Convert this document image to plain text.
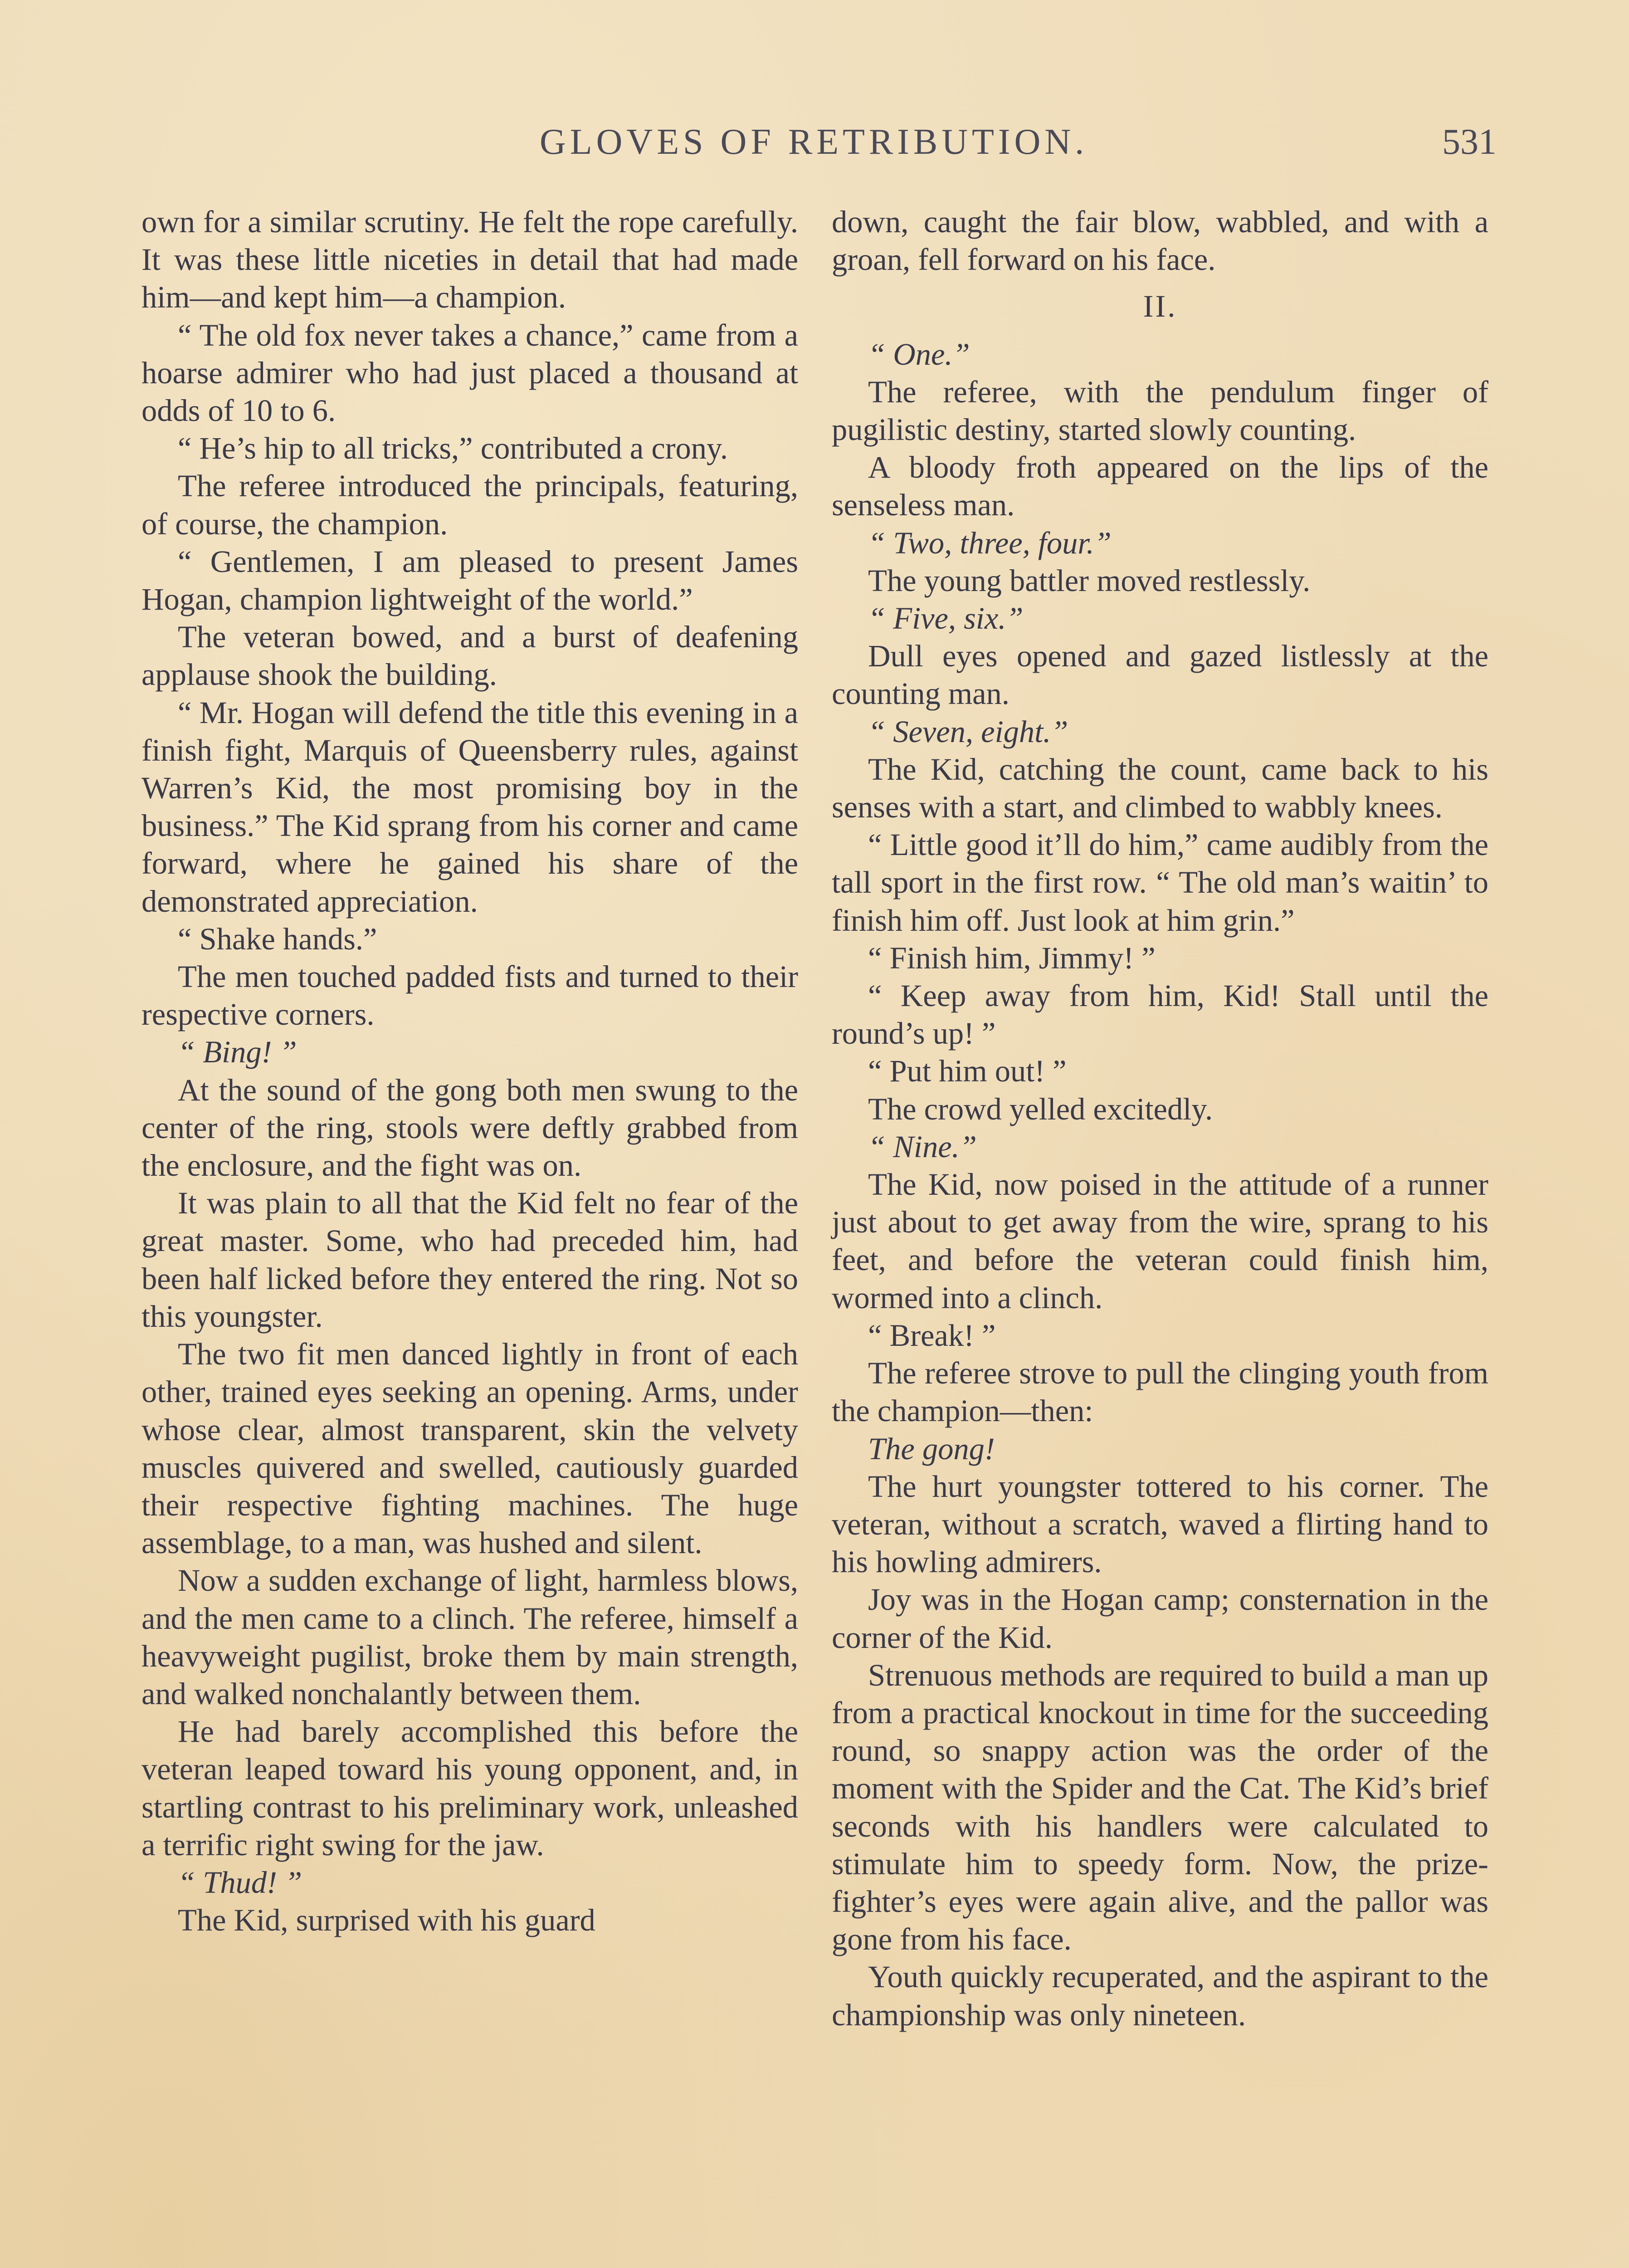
GLOVES OF RETRIBUTION.	531

own for a similar scrutiny. He felt the rope carefully. It was these little niceties in detail that had made him—and kept him—a champion.

“ The old fox never takes a chance,” came from a hoarse admirer who had just placed a thousand at odds of 10 to 6.

“ He’s hip to all tricks,” contributed a crony.

The referee introduced the principals, featuring, of course, the champion.

“ Gentlemen, I am pleased to present James Hogan, champion lightweight of the world.”

The veteran bowed, and a burst of deafening applause shook the building.

“ Mr. Hogan will defend the title this evening in a finish fight, Marquis of Queensberry rules, against Warren’s Kid, the most promising boy in the business.” The Kid sprang from his corner and came forward, where he gained his share of the demonstrated appreciation.

“ Shake hands.”

The men touched padded fists and turned to their respective corners.

“ Bing! ”

At the sound of the gong both men swung to the center of the ring, stools were deftly grabbed from the enclosure, and the fight was on.

It was plain to all that the Kid felt no fear of the great master. Some, who had preceded him, had been half licked before they entered the ring. Not so this youngster.

The two fit men danced lightly in front of each other, trained eyes seeking an opening. Arms, under whose clear, almost transparent, skin the velvety muscles quivered and swelled, cautiously guarded their respective fighting machines. The huge assemblage, to a man, was hushed and silent.

Now a sudden exchange of light, harmless blows, and the men came to a clinch. The referee, himself a heavyweight pugilist, broke them by main strength, and walked nonchalantly between them.

He had barely accomplished this before the veteran leaped toward his young opponent, and, in startling contrast to his preliminary work, unleashed a terrific right swing for the jaw.

“ Thud! ”

The Kid, surprised with his guard

down, caught the fair blow, wabbled, and with a groan, fell forward on his face.

II.

“ One.”

The referee, with the pendulum finger of pugilistic destiny, started slowly counting.

A bloody froth appeared on the lips of the senseless man.

“ Two, three, four.”

The young battler moved restlessly.

“ Five, six.”

Dull eyes opened and gazed listlessly at the counting man.

“ Seven, eight.”

The Kid, catching the count, came back to his senses with a start, and climbed to wabbly knees.

“ Little good it’ll do him,” came audibly from the tall sport in the first row. “ The old man’s waitin’ to finish him off. Just look at him grin.”

“ Finish him, Jimmy! ”

“ Keep away from him, Kid! Stall until the round’s up! ”

“ Put him out! ”

The crowd yelled excitedly.

“ Nine.”

The Kid, now poised in the attitude of a runner just about to get away from the wire, sprang to his feet, and before the veteran could finish him, wormed into a clinch.

“ Break! ”

The referee strove to pull the clinging youth from the champion—then:

The gong!

The hurt youngster tottered to his corner. The veteran, without a scratch, waved a flirting hand to his howling admirers.

Joy was in the Hogan camp; consternation in the corner of the Kid.

Strenuous methods are required to build a man up from a practical knockout in time for the succeeding round, so snappy action was the order of the moment with the Spider and the Cat. The Kid’s brief seconds with his handlers were calculated to stimulate him to speedy form. Now, the prize-fighter’s eyes were again alive, and the pallor was gone from his face.

Youth quickly recuperated, and the aspirant to the championship was only nineteen.
